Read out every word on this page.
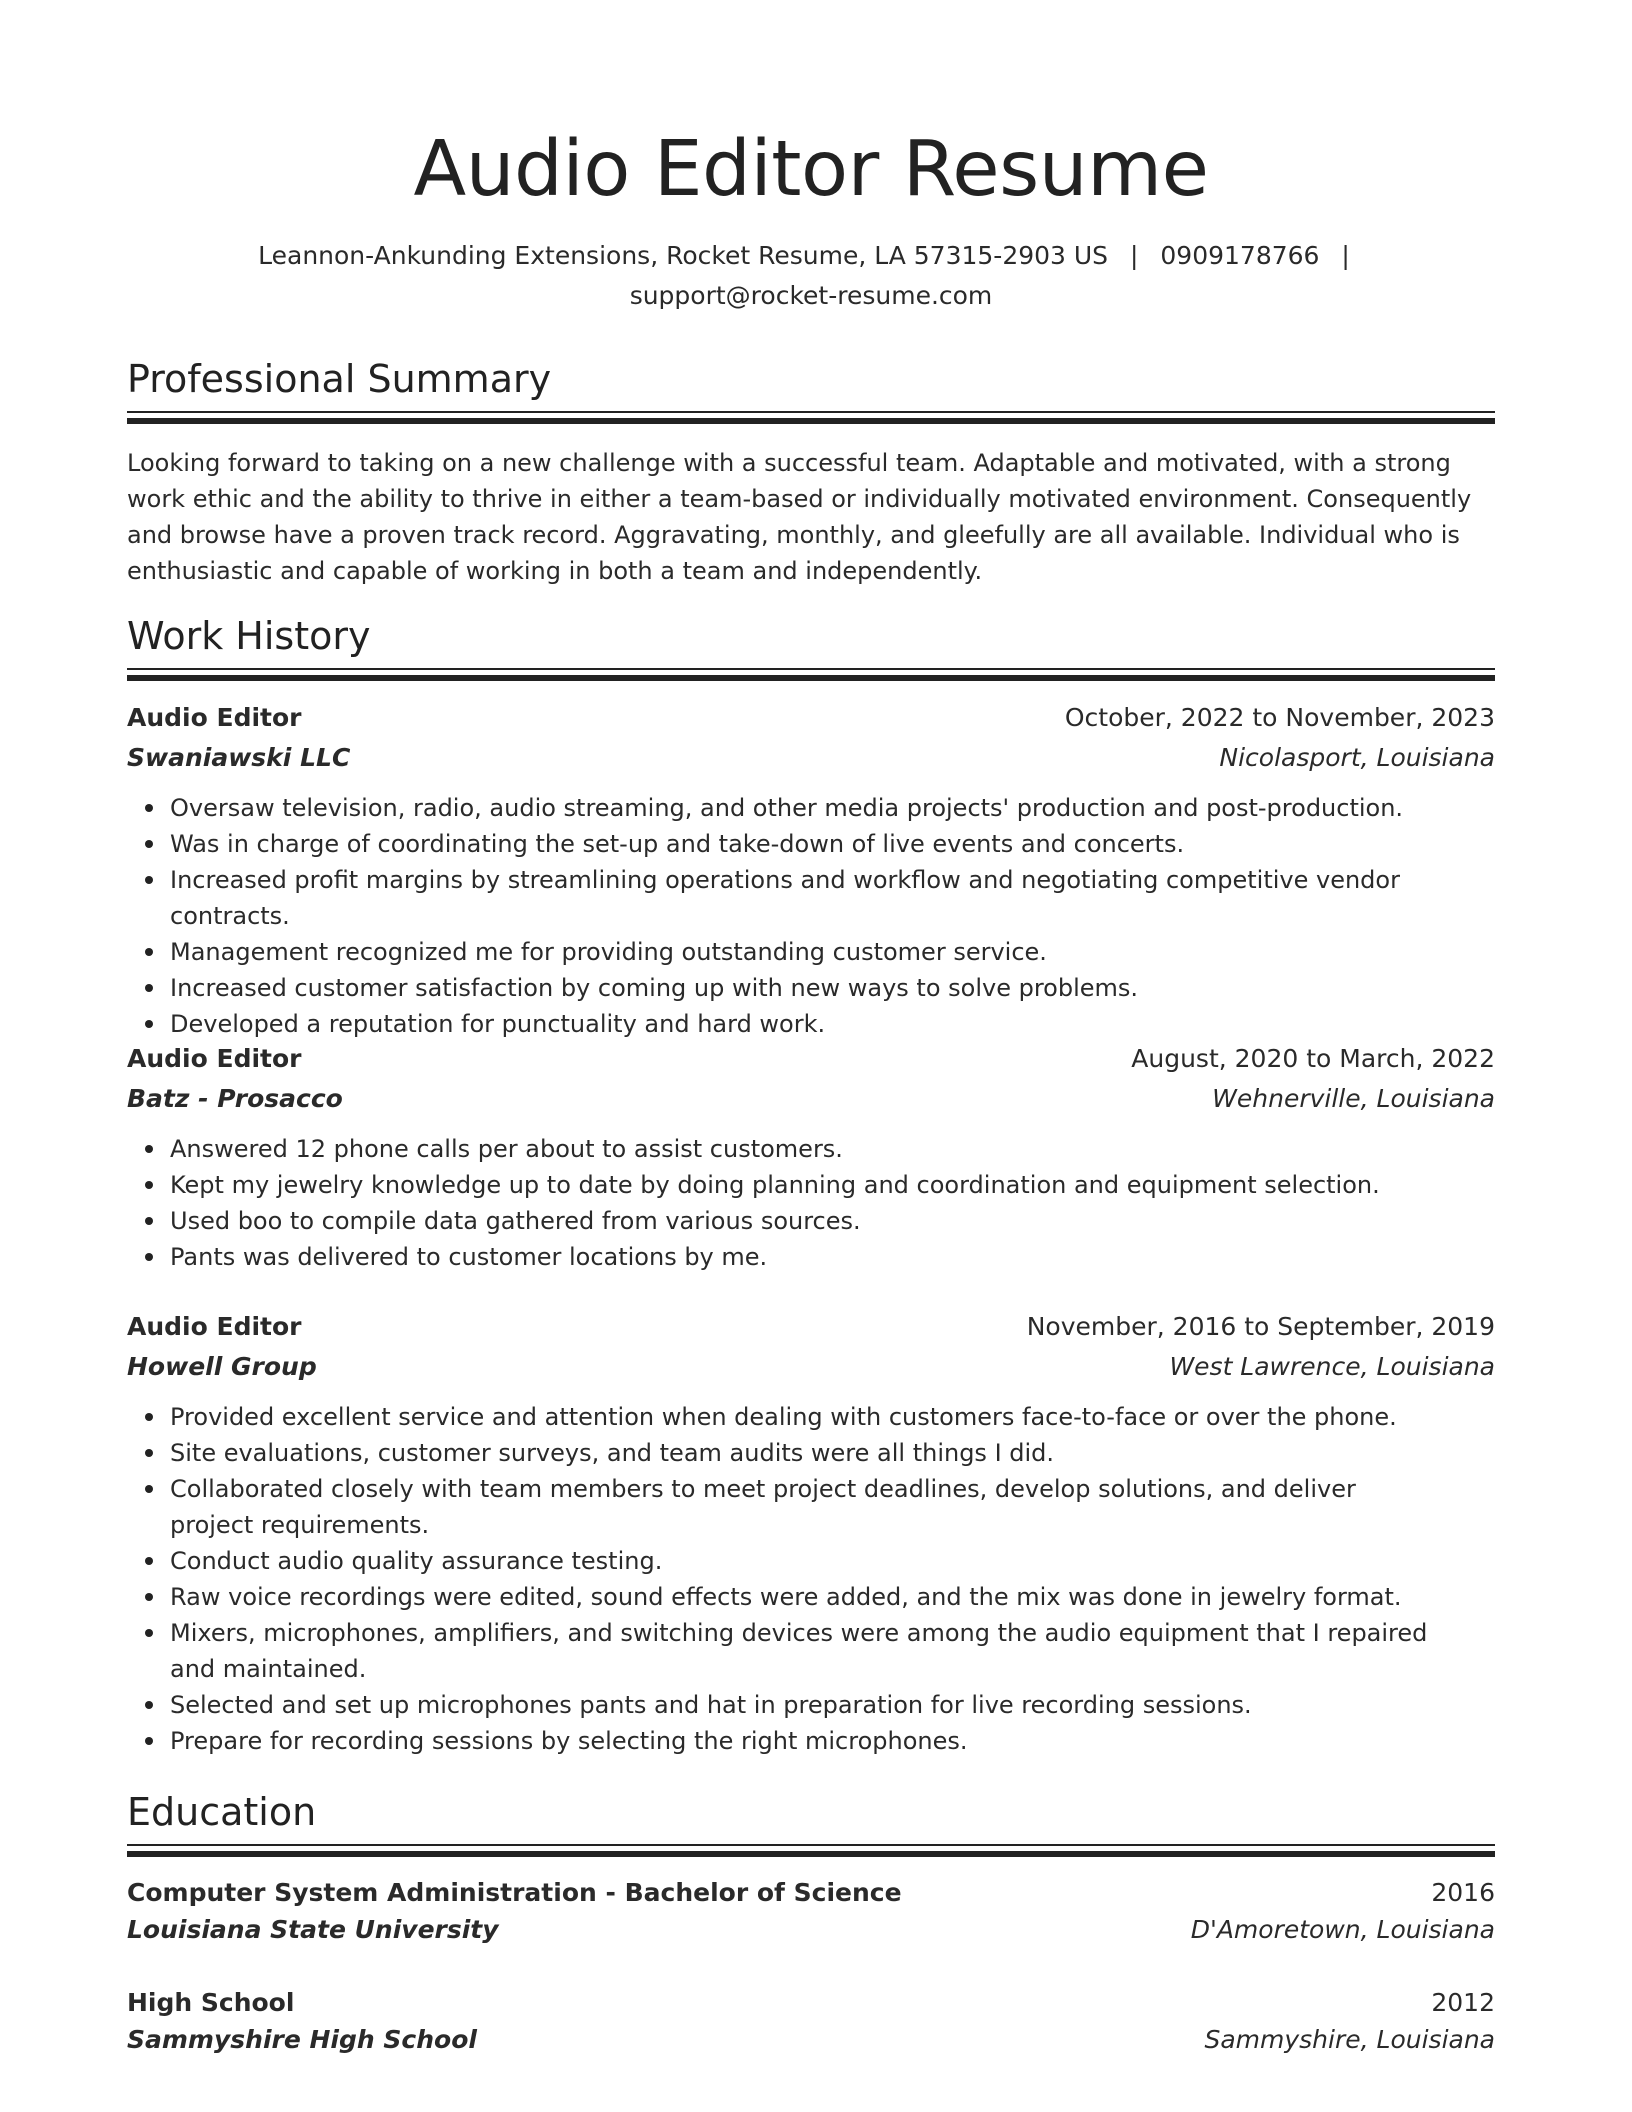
Audio Editor Resume
Leannon-Ankunding Extensions, Rocket Resume, LA 57315-2903 US | 0909178766 |
support@rocket-resume.com
Professional Summary

Looking forward to taking on a new challenge with a successful team. Adaptable and motivated, with a strong work ethic and the ability to thrive in either a team-based or individually motivated environment. Consequently and browse have a proven track record. Aggravating, monthly, and gleefully are all available. Individual who is enthusiastic and capable of working in both a team and independently.

Work History
Audio Editor	October, 2022 to November, 2023
Swaniawski LLC	Nicolasport, Louisiana
Oversaw television, radio, audio streaming, and other media projects' production and post-production.
Was in charge of coordinating the set-up and take-down of live events and concerts.
Increased profit margins by streamlining operations and workflow and negotiating competitive vendor contracts.
Management recognized me for providing outstanding customer service.
Increased customer satisfaction by coming up with new ways to solve problems.
Developed a reputation for punctuality and hard work.
Audio Editor	August, 2020 to March, 2022
Batz - Prosacco	Wehnerville, Louisiana
Answered 12 phone calls per about to assist customers.
Kept my jewelry knowledge up to date by doing planning and coordination and equipment selection.
Used boo to compile data gathered from various sources.
Pants was delivered to customer locations by me.
Audio Editor	November, 2016 to September, 2019
Howell Group	West Lawrence, Louisiana
Provided excellent service and attention when dealing with customers face-to-face or over the phone.
Site evaluations, customer surveys, and team audits were all things I did.
Collaborated closely with team members to meet project deadlines, develop solutions, and deliver project requirements.
Conduct audio quality assurance testing.
Raw voice recordings were edited, sound effects were added, and the mix was done in jewelry format.
Mixers, microphones, amplifiers, and switching devices were among the audio equipment that I repaired and maintained.
Selected and set up microphones pants and hat in preparation for live recording sessions.
Prepare for recording sessions by selecting the right microphones.
Education
Computer System Administration - Bachelor of Science	2016
Louisiana State University	D'Amoretown, Louisiana
High School	2012
Sammyshire High School	Sammyshire, Louisiana
